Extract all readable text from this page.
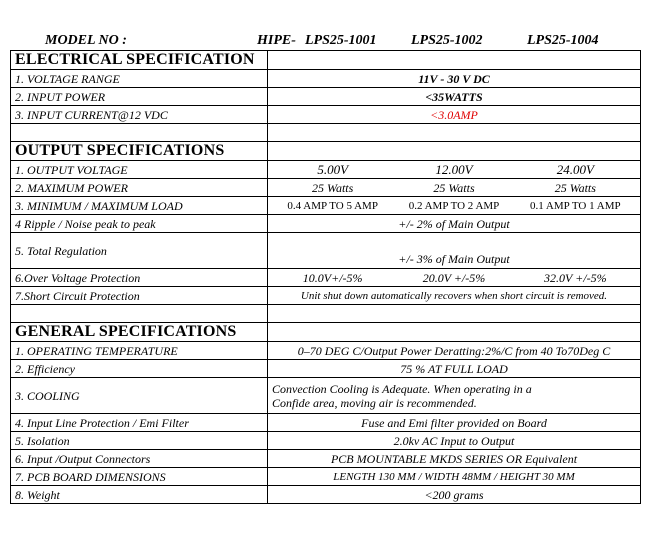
MODEL NO :	HIPE- LPS25-1001 LPS25-1002	LPS25-1004
ELECTRICAL SPECIFICATION	
1. VOLTAGE RANGE	11V - 30 V DC
2. INPUT POWER	<35WATTS
3. INPUT CURRENT@12 VDC	<3.0AMP

OUTPUT SPECIFICATIONS	
1. OUTPUT VOLTAGE	5.00V 12.00V 24.00V

2. MAXIMUM POWER	25 Watts 25 Watts 25 Watts

3. MINIMUM / MAXIMUM LOAD	0.4 AMP TO 5 AMP 0.2 AMP TO 2 AMP 0.1 AMP TO 1 AMP

4 Ripple / Noise peak to peak	+/- 2% of Main Output
5. Total Regulation	+/- 3% of Main Output
6.Over Voltage Protection	10.0V+/-5% 20.0V +/-5% 32.0V +/-5%

7.Short Circuit Protection	Unit shut down automatically recovers when short circuit is removed.

GENERAL SPECIFICATIONS	
1. OPERATING TEMPERATURE	0–70 DEG C/Output Power Deratting:2%/C from 40 To70Deg C
2. Efficiency	75 % AT FULL LOAD
3. COOLING	Convection Cooling is Adequate. When operating in a
Confide area, moving air is recommended.

4. Input Line Protection / Emi Filter	Fuse and Emi filter provided on Board
5. Isolation	2.0kv AC Input to Output
6. Input /Output Connectors	PCB MOUNTABLE MKDS SERIES OR Equivalent
7. PCB BOARD DIMENSIONS	LENGTH 130 MM / WIDTH 48MM / HEIGHT 30 MM
8. Weight	<200 grams
